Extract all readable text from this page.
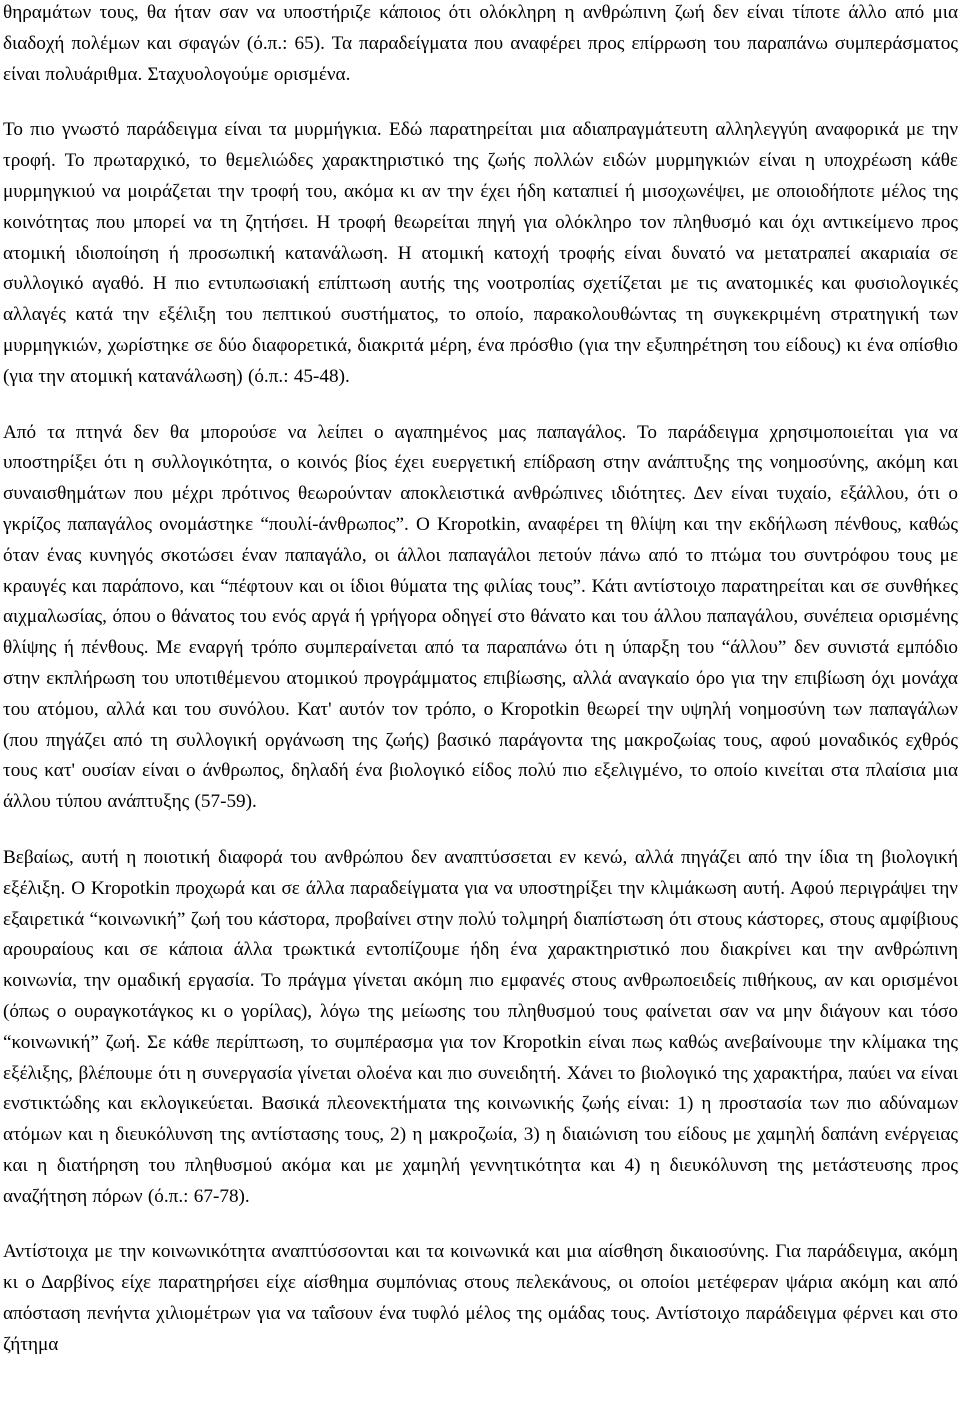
θηραμάτων τους, θα ήταν σαν να υποστήριζε κάποιος ότι ολόκληρη η ανθρώπινη ζωή δεν είναι τίποτε άλλο από μια διαδοχή πολέμων και σφαγών (ό.π.: 65). Τα παραδείγματα που αναφέρει προς επίρρωση του παραπάνω συμπεράσματος είναι πολυάριθμα. Σταχυολογούμε ορισμένα.

Το πιο γνωστό παράδειγμα είναι τα μυρμήγκια. Εδώ παρατηρείται μια αδιαπραγμάτευτη αλληλεγγύη αναφορικά με την τροφή. Το πρωταρχικό, το θεμελιώδες χαρακτηριστικό της ζωής πολλών ειδών μυρμηγκιών είναι η υποχρέωση κάθε μυρμηγκιού να μοιράζεται την τροφή του, ακόμα κι αν την έχει ήδη καταπιεί ή μισοχωνέψει, με οποιοδήποτε μέλος της κοινότητας που μπορεί να τη ζητήσει. Η τροφή θεωρείται πηγή για ολόκληρο τον πληθυσμό και όχι αντικείμενο προς ατομική ιδιοποίηση ή προσωπική κατανάλωση. Η ατομική κατοχή τροφής είναι δυνατό να μετατραπεί ακαριαία σε συλλογικό αγαθό. Η πιο εντυπωσιακή επίπτωση αυτής της νοοτροπίας σχετίζεται με τις ανατομικές και φυσιολογικές αλλαγές κατά την εξέλιξη του πεπτικού συστήματος, το οποίο, παρακολουθώντας τη συγκεκριμένη στρατηγική των μυρμηγκιών, χωρίστηκε σε δύο διαφορετικά, διακριτά μέρη, ένα πρόσθιο (για την εξυπηρέτηση του είδους) κι ένα οπίσθιο (για την ατομική κατανάλωση) (ό.π.: 45-48).

Από τα πτηνά δεν θα μπορούσε να λείπει ο αγαπημένος μας παπαγάλος. Το παράδειγμα χρησιμοποιείται για να υποστηρίξει ότι η συλλογικότητα, ο κοινός βίος έχει ευεργετική επίδραση στην ανάπτυξης της νοημοσύνης, ακόμη και συναισθημάτων που μέχρι πρότινος θεωρούνταν αποκλειστικά ανθρώπινες ιδιότητες. Δεν είναι τυχαίο, εξάλλου, ότι ο γκρίζος παπαγάλος ονομάστηκε “πουλί-άνθρωπος”. Ο Kropotkin, αναφέρει τη θλίψη και την εκδήλωση πένθους, καθώς όταν ένας κυνηγός σκοτώσει έναν παπαγάλο, οι άλλοι παπαγάλοι πετούν πάνω από το πτώμα του συντρόφου τους με κραυγές και παράπονο, και “πέφτουν και οι ίδιοι θύματα της φιλίας τους”. Κάτι αντίστοιχο παρατηρείται και σε συνθήκες αιχμαλωσίας, όπου ο θάνατος του ενός αργά ή γρήγορα οδηγεί στο θάνατο και του άλλου παπαγάλου, συνέπεια ορισμένης θλίψης ή πένθους. Με εναργή τρόπο συμπεραίνεται από τα παραπάνω ότι η ύπαρξη του “άλλου” δεν συνιστά εμπόδιο στην εκπλήρωση του υποτιθέμενου ατομικού προγράμματος επιβίωσης, αλλά αναγκαίο όρο για την επιβίωση όχι μονάχα του ατόμου, αλλά και του συνόλου. Κατ' αυτόν τον τρόπο, ο Kropotkin θεωρεί την υψηλή νοημοσύνη των παπαγάλων (που πηγάζει από τη συλλογική οργάνωση της ζωής) βασικό παράγοντα της μακροζωίας τους, αφού μοναδικός εχθρός τους κατ' ουσίαν είναι ο άνθρωπος, δηλαδή ένα βιολογικό είδος πολύ πιο εξελιγμένο, το οποίο κινείται στα πλαίσια μια άλλου τύπου ανάπτυξης (57-59).

Βεβαίως, αυτή η ποιοτική διαφορά του ανθρώπου δεν αναπτύσσεται εν κενώ, αλλά πηγάζει από την ίδια τη βιολογική εξέλιξη. Ο Kropotkin προχωρά και σε άλλα παραδείγματα για να υποστηρίξει την κλιμάκωση αυτή. Αφού περιγράψει την εξαιρετικά “κοινωνική” ζωή του κάστορα, προβαίνει στην πολύ τολμηρή διαπίστωση ότι στους κάστορες, στους αμφίβιους αρουραίους και σε κάποια άλλα τρωκτικά εντοπίζουμε ήδη ένα χαρακτηριστικό που διακρίνει και την ανθρώπινη κοινωνία, την ομαδική εργασία. Το πράγμα γίνεται ακόμη πιο εμφανές στους ανθρωποειδείς πιθήκους, αν και ορισμένοι (όπως ο ουραγκοτάγκος κι ο γορίλας), λόγω της μείωσης του πληθυσμού τους φαίνεται σαν να μην διάγουν και τόσο “κοινωνική” ζωή. Σε κάθε περίπτωση, το συμπέρασμα για τον Kropotkin είναι πως καθώς ανεβαίνουμε την κλίμακα της εξέλιξης, βλέπουμε ότι η συνεργασία γίνεται ολοένα και πιο συνειδητή. Χάνει το βιολογικό της χαρακτήρα, παύει να είναι ενστικτώδης και εκλογικεύεται. Βασικά πλεονεκτήματα της κοινωνικής ζωής είναι: 1) η προστασία των πιο αδύναμων ατόμων και η διευκόλυνση της αντίστασης τους, 2) η μακροζωία, 3) η διαιώνιση του είδους με χαμηλή δαπάνη ενέργειας και η διατήρηση του πληθυσμού ακόμα και με χαμηλή γεννητικότητα και 4) η διευκόλυνση της μετάστευσης προς αναζήτηση πόρων (ό.π.: 67-78).

Αντίστοιχα με την κοινωνικότητα αναπτύσσονται και τα κοινωνικά και μια αίσθηση δικαιοσύνης. Για παράδειγμα, ακόμη κι ο Δαρβίνος είχε παρατηρήσει είχε αίσθημα συμπόνιας στους πελεκάνους, οι οποίοι μετέφεραν ψάρια ακόμη και από απόσταση πενήντα χιλιομέτρων για να ταΐσουν ένα τυφλό μέλος της ομάδας τους. Αντίστοιχο παράδειγμα φέρνει και στο ζήτημα
